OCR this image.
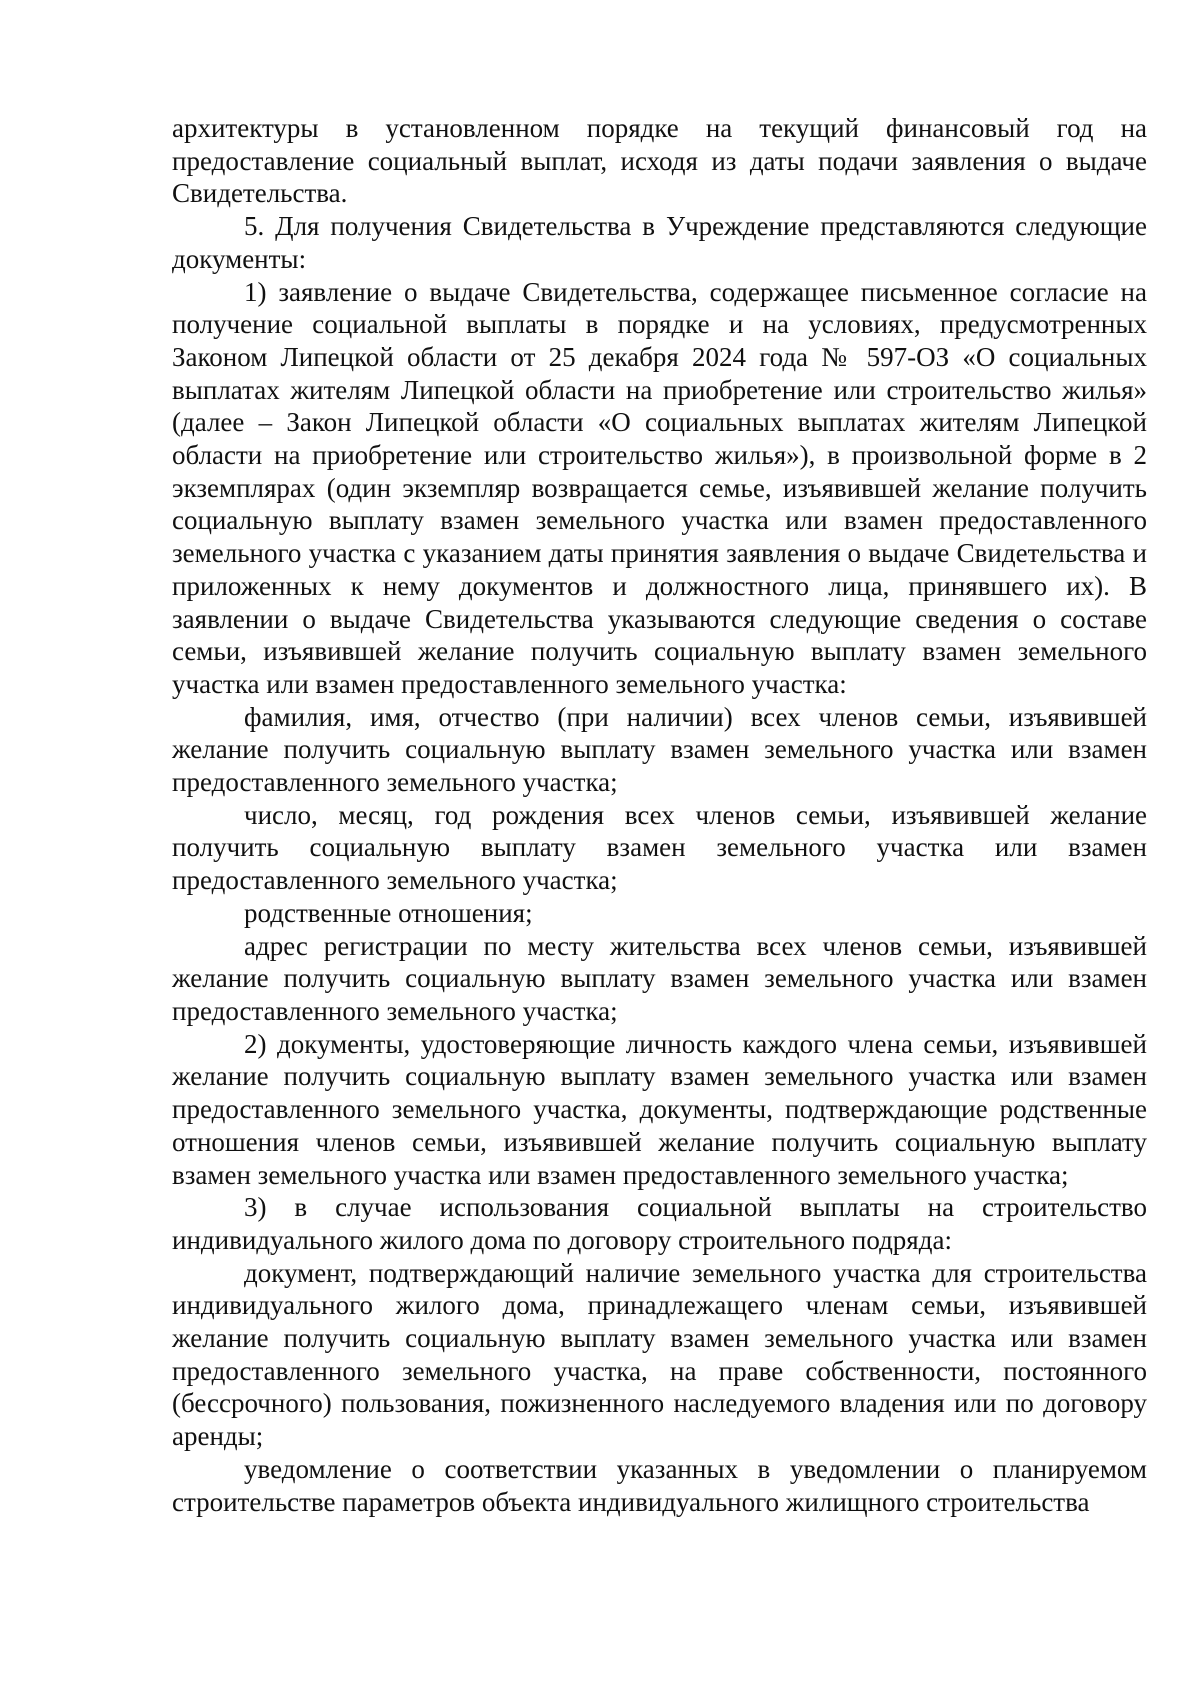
архитектуры в установленном порядке на текущий финансовый год на предоставление социальный выплат, исходя из даты подачи заявления о выдаче Свидетельства.

5. Для получения Свидетельства в Учреждение представляются следующие документы:

1) заявление о выдаче Свидетельства, содержащее письменное согласие на получение социальной выплаты в порядке и на условиях, предусмотренных Законом Липецкой области от 25 декабря 2024 года № 597-ОЗ «О социальных выплатах жителям Липецкой области на приобретение или строительство жилья» (далее – Закон Липецкой области «О социальных выплатах жителям Липецкой области на приобретение или строительство жилья»), в произвольной форме в 2 экземплярах (один экземпляр возвращается семье, изъявившей желание получить социальную выплату взамен земельного участка или взамен предоставленного земельного участка с указанием даты принятия заявления о выдаче Свидетельства и приложенных к нему документов и должностного лица, принявшего их). В заявлении о выдаче Свидетельства указываются следующие сведения о составе семьи, изъявившей желание получить социальную выплату взамен земельного участка или взамен предоставленного земельного участка:

фамилия, имя, отчество (при наличии) всех членов семьи, изъявившей желание получить социальную выплату взамен земельного участка или взамен предоставленного земельного участка;

число, месяц, год рождения всех членов семьи, изъявившей желание получить социальную выплату взамен земельного участка или взамен предоставленного земельного участка;

родственные отношения;

адрес регистрации по месту жительства всех членов семьи, изъявившей желание получить социальную выплату взамен земельного участка или взамен предоставленного земельного участка;

2) документы, удостоверяющие личность каждого члена семьи, изъявившей желание получить социальную выплату взамен земельного участка или взамен предоставленного земельного участка, документы, подтверждающие родственные отношения членов семьи, изъявившей желание получить социальную выплату взамен земельного участка или взамен предоставленного земельного участка;

3) в случае использования социальной выплаты на строительство индивидуального жилого дома по договору строительного подряда:

документ, подтверждающий наличие земельного участка для строительства индивидуального жилого дома, принадлежащего членам семьи, изъявившей желание получить социальную выплату взамен земельного участка или взамен предоставленного земельного участка, на праве собственности, постоянного (бессрочного) пользования, пожизненного наследуемого владения или по договору аренды;

уведомление о соответствии указанных в уведомлении о планируемом строительстве параметров объекта индивидуального жилищного строительства
